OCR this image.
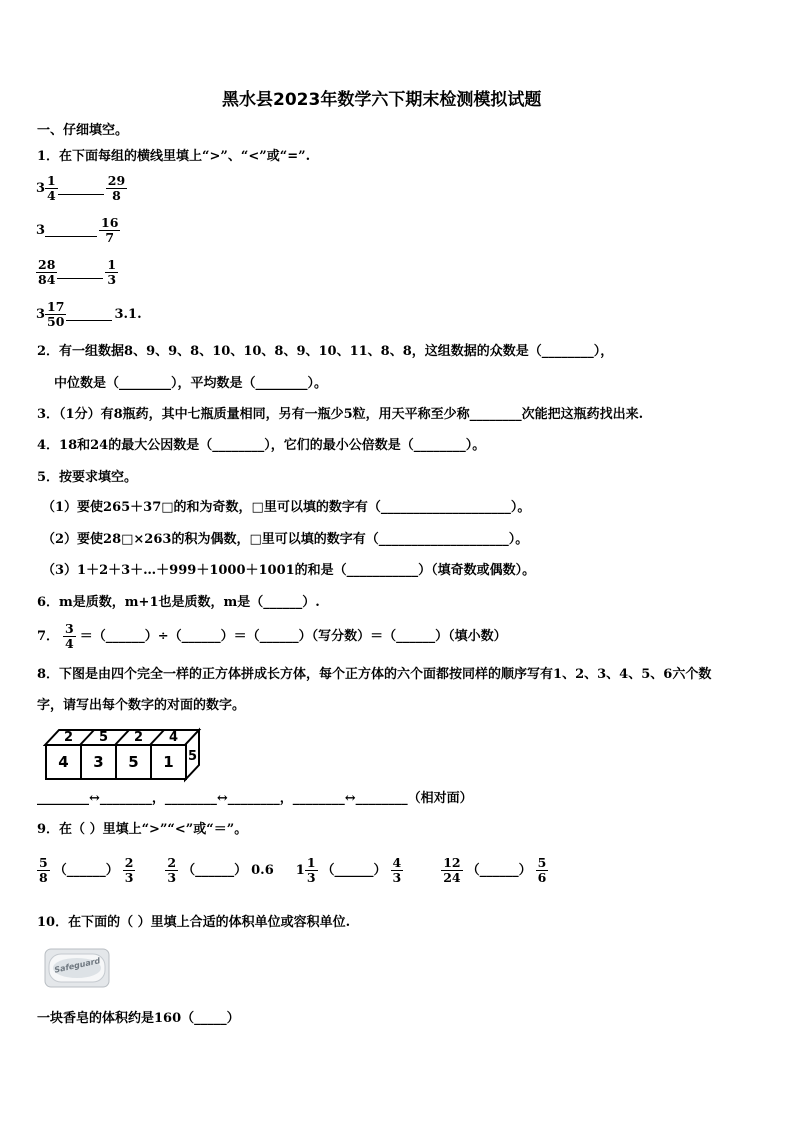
黑水县2023年数学六下期末检测模拟试题
一、仔细填空。
1．在下面每组的横线里填上“>”、“<”或“=”.
$3 \frac{1}{4}$	$\frac{29}{8}$
3	$\frac{16}{7}$
$\frac{28}{84}$	$\frac{1}{3}$
$3 \frac{17}{50}$	3.1.
2．有一组数据8、9、9、8、10、10、8、9、10、11、8、8，这组数据的众数是（________），
中位数是（________），平均数是（________）。
3．（1分）有8瓶药，其中七瓶质量相同，另有一瓶少5粒，用天平称至少称________次能把这瓶药找出来.
4．18和24的最大公因数是（________），它们的最小公倍数是（________）。
5．按要求填空。
（1）要使265＋37□的和为奇数，□里可以填的数字有（____________________）。
（2）要使28□×263的积为偶数，□里可以填的数字有（____________________）。
（3）1＋2＋3＋…＋999＋1000＋1001的和是（___________）（填奇数或偶数）。
6．m是质数，m+1也是质数，m是（______）.
7． $\frac{3}{4}$ ＝（______）÷（______）＝（______）（写分数）＝（______）（填小数）
8．下图是由四个完全一样的正方体拼成长方体，每个正方体的六个面都按同样的顺序写有1、2、3、4、5、6六个数
字，请写出每个数字的对面的数字。
4	3	5	1
2 5 2 4
5
________↔________，________↔________，________↔________（相对面）
9．在（ ）里填上“>”“<”或“＝”。
$\frac{5}{8}$ （______） $\frac{2}{3} \frac{2}{3}$ （______） 0.6 $1 \frac{1}{3}$ （______） $\frac{4}{3}$	$\frac{12}{24}$ （______） $\frac{5}{6}$
10．在下面的（ ）里填上合适的体积单位或容积单位.
Safeguard
一块香皂的体积约是160（_____）
